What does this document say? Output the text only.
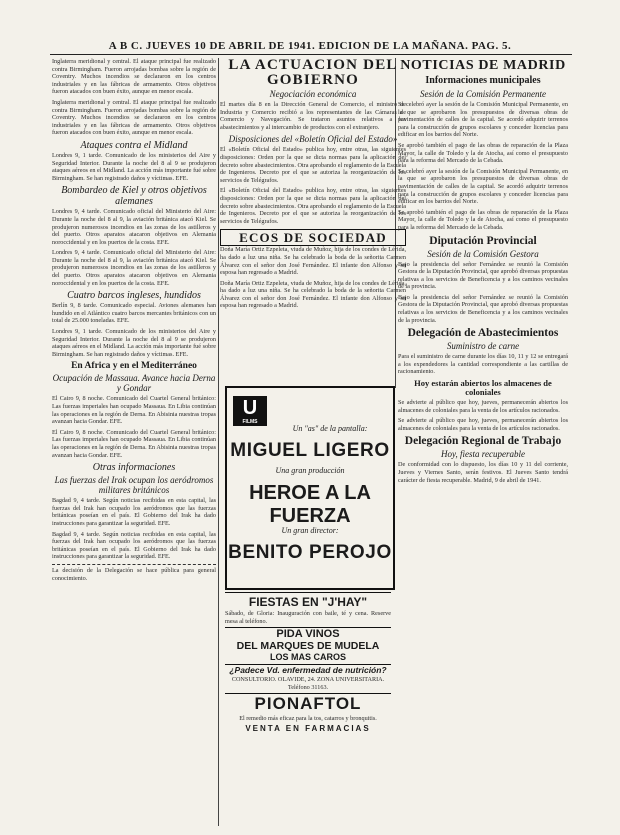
A B C. JUEVES 10 DE ABRIL DE 1941. EDICION DE LA MAÑANA. PAG. 5.

Inglaterra meridional y central. El ataque principal fue realizado contra Birmingham. Fueron arrojadas bombas sobre la región de Coventry. Muchos incendios se declararon en los centros industriales y en las fábricas de armamento. Otros objetivos fueron atacados con buen éxito, aunque en menor escala.

Inglaterra meridional y central. El ataque principal fue realizado contra Birmingham. Fueron arrojadas bombas sobre la región de Coventry. Muchos incendios se declararon en los centros industriales y en las fábricas de armamento. Otros objetivos fueron atacados con buen éxito, aunque en menor escala.

Ataques contra el Midland

Londres 9, 1 tarde. Comunicado de los ministerios del Aire y Seguridad Interior. Durante la noche del 8 al 9 se produjeron ataques aéreos en el Midland. La acción más importante fué sobre Birmingham. Se han registrado daños y víctimas. EFE.

Bombardeo de Kiel y otros objetivos alemanes

Londres 9, 4 tarde. Comunicado oficial del Ministerio del Aire: Durante la noche del 8 al 9, la aviación británica atacó Kiel. Se produjeron numerosos incendios en las zonas de los astilleros y del puerto. Otros aparatos atacaron objetivos en Alemania noroccidental y en los puertos de la costa. EFE.

Londres 9, 4 tarde. Comunicado oficial del Ministerio del Aire: Durante la noche del 8 al 9, la aviación británica atacó Kiel. Se produjeron numerosos incendios en las zonas de los astilleros y del puerto. Otros aparatos atacaron objetivos en Alemania noroccidental y en los puertos de la costa. EFE.

Cuatro barcos ingleses, hundidos

Berlín 9, 8 tarde. Comunicado especial. Aviones alemanes han hundido en el Atlántico cuatro barcos mercantes británicos con un total de 25.000 toneladas. EFE.

Londres 9, 1 tarde. Comunicado de los ministerios del Aire y Seguridad Interior. Durante la noche del 8 al 9 se produjeron ataques aéreos en el Midland. La acción más importante fué sobre Birmingham. Se han registrado daños y víctimas. EFE.

En Africa y en el Mediterráneo
Ocupación de Massaua. Avance hacia Derna y Gondar

El Cairo 9, 8 noche. Comunicado del Cuartel General británico: Las fuerzas imperiales han ocupado Massaua. En Libia continúan las operaciones en la región de Derna. En Abisinia nuestras tropas avanzan hacia Gondar. EFE.

El Cairo 9, 8 noche. Comunicado del Cuartel General británico: Las fuerzas imperiales han ocupado Massaua. En Libia continúan las operaciones en la región de Derna. En Abisinia nuestras tropas avanzan hacia Gondar. EFE.

Otras informaciones
Las fuerzas del Irak ocupan los aeródromos militares británicos

Bagdad 9, 4 tarde. Según noticias recibidas en esta capital, las fuerzas del Irak han ocupado los aeródromos que las fuerzas británicas poseían en el país. El Gobierno del Irak ha dado instrucciones para garantizar la seguridad. EFE.

Bagdad 9, 4 tarde. Según noticias recibidas en esta capital, las fuerzas del Irak han ocupado los aeródromos que las fuerzas británicas poseían en el país. El Gobierno del Irak ha dado instrucciones para garantizar la seguridad. EFE.

La decisión de la Delegación se hace pública para general conocimiento.

LA ACTUACION DEL GOBIERNO
Negociación económica

El martes día 8 en la Dirección General de Comercio, el ministro de Industria y Comercio recibió a los representantes de las Cámaras de Comercio y Navegación. Se trataron asuntos relativos a los abastecimientos y al intercambio de productos con el extranjero.

Disposiciones del «Boletín Oficial del Estado»

El «Boletín Oficial del Estado» publica hoy, entre otras, las siguientes disposiciones: Orden por la que se dicta normas para la aplicación del decreto sobre abastecimientos. Otra aprobando el reglamento de la Escuela de Ingenieros. Decreto por el que se autoriza la reorganización de los servicios de Telégrafos.

El «Boletín Oficial del Estado» publica hoy, entre otras, las siguientes disposiciones: Orden por la que se dicta normas para la aplicación del decreto sobre abastecimientos. Otra aprobando el reglamento de la Escuela de Ingenieros. Decreto por el que se autoriza la reorganización de los servicios de Telégrafos.

ECOS DE SOCIEDAD

Doña María Ortiz Ezpeleta, viuda de Muñoz, hija de los condes de Lérida, ha dado a luz una niña. Se ha celebrado la boda de la señorita Carmen Álvarez con el señor don José Fernández. El infante don Alfonso y su esposa han regresado a Madrid.

Doña María Ortiz Ezpeleta, viuda de Muñoz, hija de los condes de Lérida, ha dado a luz una niña. Se ha celebrado la boda de la señorita Carmen Álvarez con el señor don José Fernández. El infante don Alfonso y su esposa han regresado a Madrid.

U
FILMS
Un "as" de la pantalla:
MIGUEL LIGERO
Una gran producción
HEROE A LA FUERZA
Un gran director:
BENITO PEROJO
FIESTAS EN "J'HAY"

Sábado, de Gloria: Inauguración con baile, té y cena. Reserve mesa al teléfono.

PIDA VINOS
DEL MARQUES DE MUDELA
LOS MAS CAROS
¿Padece Vd. enfermedad de nutrición?

CONSULTORIO. OLAVIDE, 24. ZONA UNIVERSITARIA. Teléfono 31163.

PIONAFTOL

El remedio más eficaz para la tos, catarros y bronquitis.

VENTA EN FARMACIAS
NOTICIAS DE MADRID
Informaciones municipales
Sesión de la Comisión Permanente

Se celebró ayer la sesión de la Comisión Municipal Permanente, en la que se aprobaron los presupuestos de diversas obras de pavimentación de calles de la capital. Se acordó adquirir terrenos para la construcción de grupos escolares y conceder licencias para edificar en los barrios del Norte.

Se aprobó también el pago de las obras de reparación de la Plaza Mayor, la calle de Toledo y la de Atocha, así como el presupuesto para la reforma del Mercado de la Cebada.

Se celebró ayer la sesión de la Comisión Municipal Permanente, en la que se aprobaron los presupuestos de diversas obras de pavimentación de calles de la capital. Se acordó adquirir terrenos para la construcción de grupos escolares y conceder licencias para edificar en los barrios del Norte.

Se aprobó también el pago de las obras de reparación de la Plaza Mayor, la calle de Toledo y la de Atocha, así como el presupuesto para la reforma del Mercado de la Cebada.

Diputación Provincial
Sesión de la Comisión Gestora

Bajo la presidencia del señor Fernández se reunió la Comisión Gestora de la Diputación Provincial, que aprobó diversas propuestas relativas a los servicios de Beneficencia y a los caminos vecinales de la provincia.

Bajo la presidencia del señor Fernández se reunió la Comisión Gestora de la Diputación Provincial, que aprobó diversas propuestas relativas a los servicios de Beneficencia y a los caminos vecinales de la provincia.

Delegación de Abastecimientos
Suministro de carne

Para el suministro de carne durante los días 10, 11 y 12 se entregará a los expendedores la cantidad correspondiente a las cartillas de racionamiento.

Hoy estarán abiertos los almacenes de coloniales

Se advierte al público que hoy, jueves, permanecerán abiertos los almacenes de coloniales para la venta de los artículos racionados.

Se advierte al público que hoy, jueves, permanecerán abiertos los almacenes de coloniales para la venta de los artículos racionados.

Delegación Regional de Trabajo
Hoy, fiesta recuperable

De conformidad con lo dispuesto, los días 10 y 11 del corriente, Jueves y Viernes Santo, serán festivos. El Jueves Santo tendrá carácter de fiesta recuperable. Madrid, 9 de abril de 1941.
